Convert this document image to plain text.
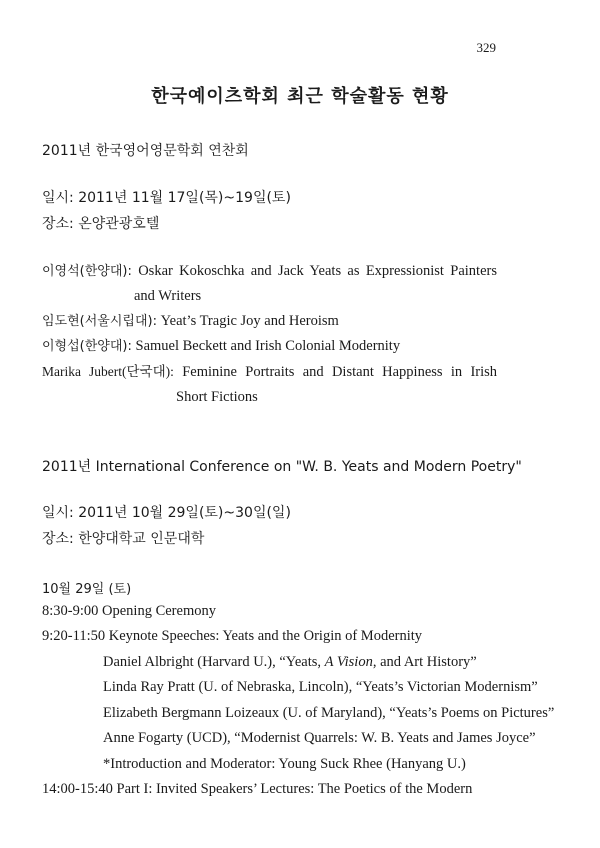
329
한국예이츠학회 최근 학술활동 현황
2011년 한국영어영문학회 연찬회
일시: 2011년 11월 17일(목)~19일(토)
장소: 온양관광호텔
이영석(한양대): Oskar Kokoschka and Jack Yeats as Expressionist Painters
and Writers
임도현(서울시립대): Yeat’s Tragic Joy and Heroism
이형섭(한양대): Samuel Beckett and Irish Colonial Modernity
Marika Jubert(단국대): Feminine Portraits and Distant Happiness in Irish
Short Fictions
2011년 International Conference on "W. B. Yeats and Modern Poetry"
일시: 2011년 10월 29일(토)~30일(일)
장소: 한양대학교 인문대학
10월 29일 (토)
8:30-9:00 Opening Ceremony
9:20-11:50 Keynote Speeches: Yeats and the Origin of Modernity
Daniel Albright (Harvard U.), “Yeats, A Vision, and Art History”
Linda Ray Pratt (U. of Nebraska, Lincoln), “Yeats’s Victorian Modernism”
Elizabeth Bergmann Loizeaux (U. of Maryland), “Yeats’s Poems on Pictures”
Anne Fogarty (UCD), “Modernist Quarrels: W. B. Yeats and James Joyce”
*Introduction and Moderator: Young Suck Rhee (Hanyang U.)
14:00-15:40 Part I: Invited Speakers’ Lectures: The Poetics of the Modern
